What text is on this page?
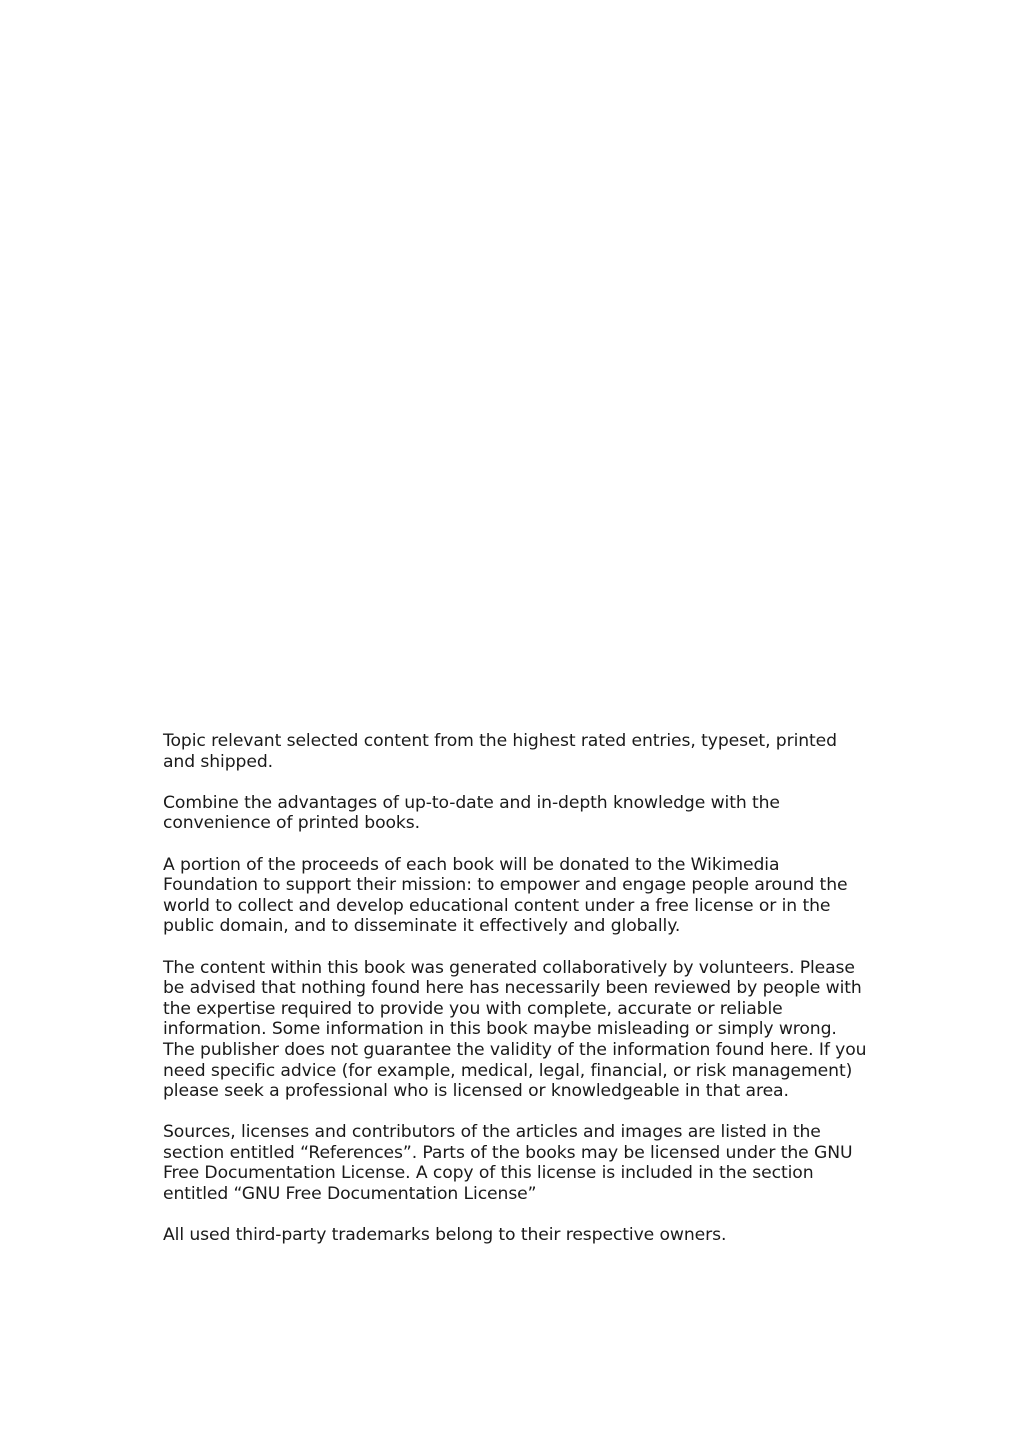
Topic relevant selected content from the highest rated entries, typeset, printed and shipped.

Combine the advantages of up-to-date and in-depth knowledge with the convenience of printed books.

A portion of the proceeds of each book will be donated to the Wikimedia Foundation to support their mission: to empower and engage people around the world to collect and develop educational content under a free license or in the public domain, and to disseminate it effectively and globally.

The content within this book was generated collaboratively by volunteers. Please be advised that nothing found here has necessarily been reviewed by people with the expertise required to provide you with complete, accurate or reliable information. Some information in this book maybe misleading or simply wrong. The publisher does not guarantee the validity of the information found here. If you need specific advice (for example, medical, legal, financial, or risk management) please seek a professional who is licensed or knowledgeable in that area.

Sources, licenses and contributors of the articles and images are listed in the section entitled “References”. Parts of the books may be licensed under the GNU Free Documentation License. A copy of this license is included in the section entitled “GNU Free Documentation License”

All used third-party trademarks belong to their respective owners.
